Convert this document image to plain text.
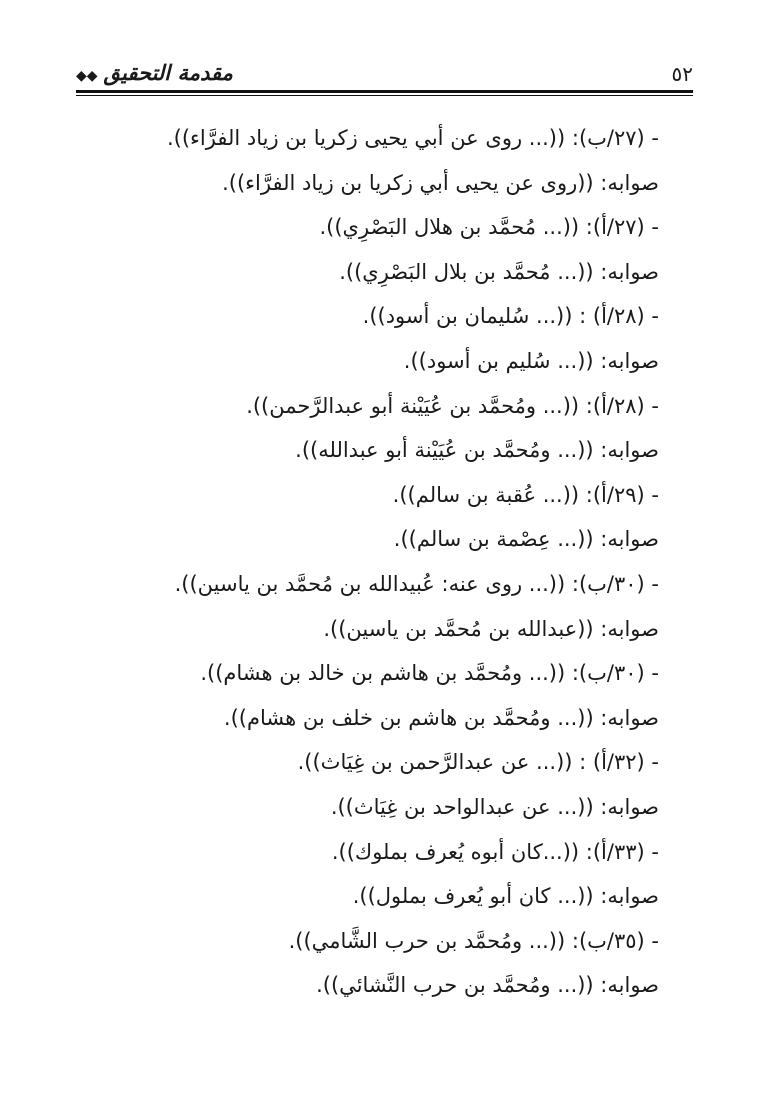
٥٢
مقدمة التحقيق◆◆
- (٢٧/ب): ((... روى عن أبي يحيى زكريا بن زياد الفرَّاء)).
صوابه: ((روى عن يحيى أبي زكريا بن زياد الفرَّاء)).
- (٢٧/أ): ((... مُحمَّد بن هلال البَصْرِي)).
صوابه: ((... مُحمَّد بن بلال البَصْرِي)).
- (٢٨/أ) : ((... سُليمان بن أسود)).
صوابه: ((... سُليم بن أسود)).
- (٢٨/أ): ((... ومُحمَّد بن عُيَيْنة أبو عبدالرَّحمن)).
صوابه: ((... ومُحمَّد بن عُيَيْنة أبو عبدالله)).
- (٢٩/أ): ((... عُقبة بن سالم)).
صوابه: ((... عِصْمة بن سالم)).
- (٣٠/ب): ((... روى عنه: عُبيدالله بن مُحمَّد بن ياسين)).
صوابه: ((عبدالله بن مُحمَّد بن ياسين)).
- (٣٠/ب): ((... ومُحمَّد بن هاشم بن خالد بن هشام)).
صوابه: ((... ومُحمَّد بن هاشم بن خلف بن هشام)).
- (٣٢/أ) : ((... عن عبدالرَّحمن بن غِيَاث)).
صوابه: ((... عن عبدالواحد بن غِيَاث)).
- (٣٣/أ): ((...كان أبوه يُعرف بملوك)).
صوابه: ((... كان أبو يُعرف بملول)).
- (٣٥/ب): ((... ومُحمَّد بن حرب الشَّامي)).
صوابه: ((... ومُحمَّد بن حرب النَّشائي)).
